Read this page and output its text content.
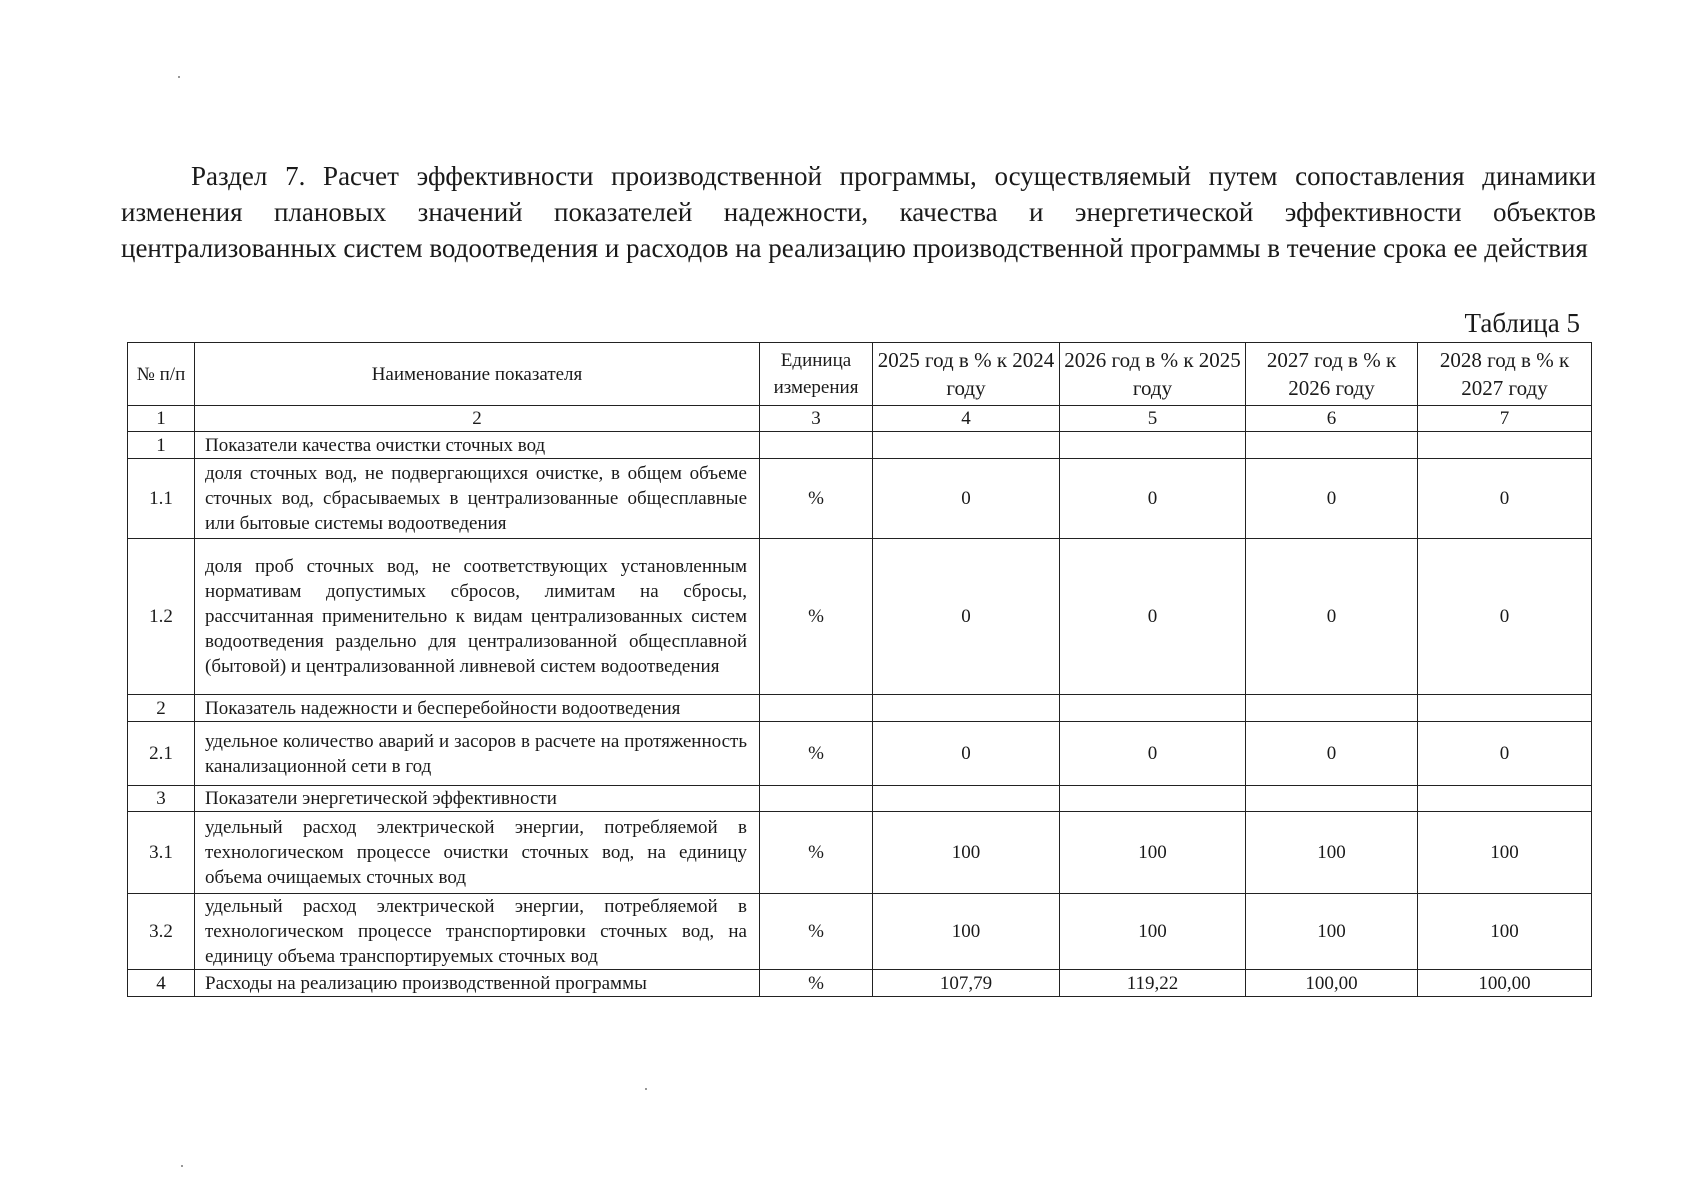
Раздел 7. Расчет эффективности производственной программы, осуществляемый путем сопоставления динамики изменения плановых значений показателей надежности, качества и энергетической эффективности объектов централизованных систем водоотведения и расходов на реализацию производственной программы в течение срока ее действия

Таблица 5

№ п/п	Наименование показателя	Единица измерения	2025 год в % к 2024 году	2026 год в % к 2025 году	2027 год в % к 2026 году	2028 год в % к 2027 году
1	2	3	4	5	6	7
1	Показатели качества очистки сточных вод					
1.1	доля сточных вод, не подвергающихся очистке, в общем объеме сточных вод, сбрасываемых в централизованные общесплавные или бытовые системы водоотведения	%	0	0	0	0
1.2	доля проб сточных вод, не соответствующих установленным нормативам допустимых сбросов, лимитам на сбросы, рассчитанная применительно к видам централизованных систем водоотведения раздельно для централизованной общесплавной (бытовой) и централизованной ливневой систем водоотведения	%	0	0	0	0
2	Показатель надежности и бесперебойности водоотведения					
2.1	удельное количество аварий и засоров в расчете на протяженность канализационной сети в год	%	0	0	0	0
3	Показатели энергетической эффективности					
3.1	удельный расход электрической энергии, потребляемой в технологическом процессе очистки сточных вод, на единицу объема очищаемых сточных вод	%	100	100	100	100
3.2	удельный расход электрической энергии, потребляемой в технологическом процессе транспортировки сточных вод, на единицу объема транспортируемых сточных вод	%	100	100	100	100
4	Расходы на реализацию производственной программы	%	107,79	119,22	100,00	100,00
